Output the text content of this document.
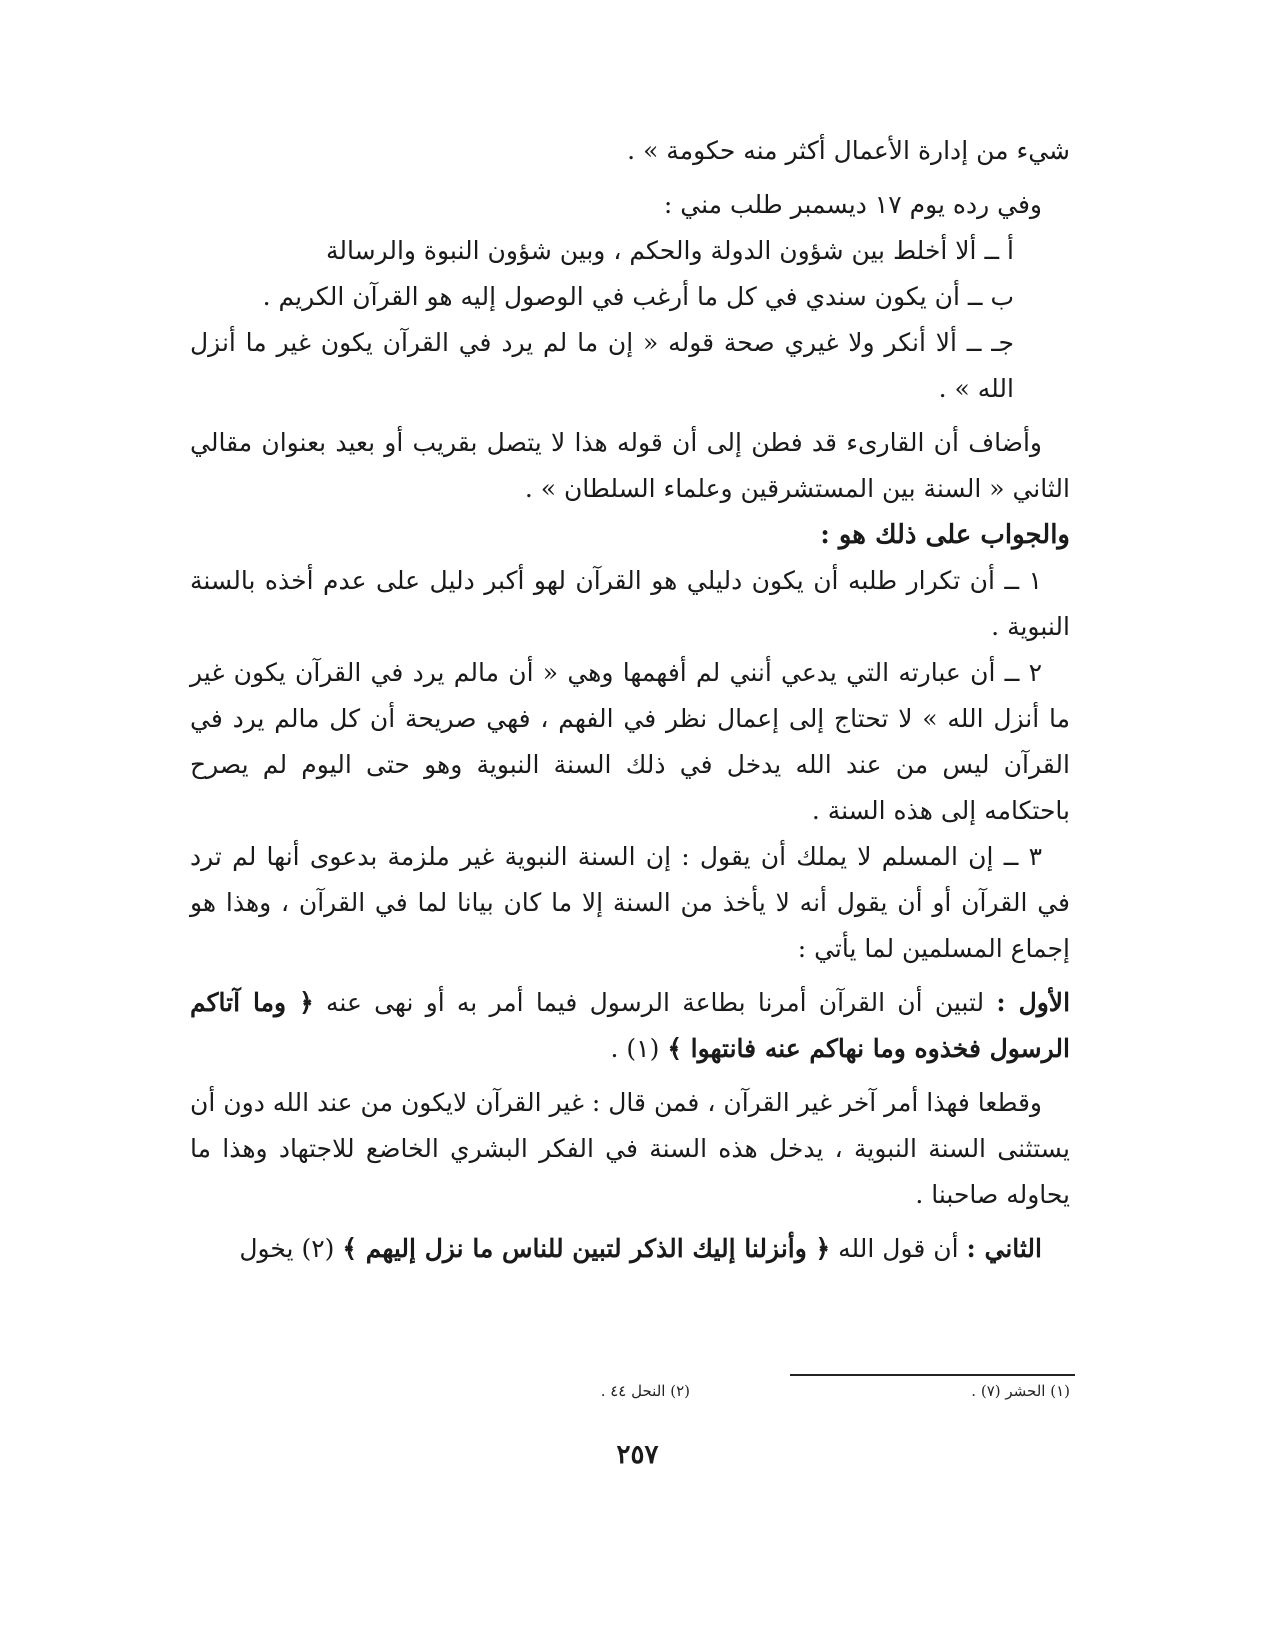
شيء من إدارة الأعمال أكثر منه حكومة » .

وفي رده يوم ١٧ ديسمبر طلب مني :

أ ــ ألا أخلط بين شؤون الدولة والحكم ، وبين شؤون النبوة والرسالة

ب ــ أن يكون سندي في كل ما أرغب في الوصول إليه هو القرآن الكريم .

جـ ــ ألا أنكر ولا غيري صحة قوله « إن ما لم يرد في القرآن يكون غير ما أنزل الله » .

وأضاف أن القارىء قد فطن إلى أن قوله هذا لا يتصل بقريب أو بعيد بعنوان مقالي الثاني « السنة بين المستشرقين وعلماء السلطان » .

والجواب على ذلك هو :

١ ــ أن تكرار طلبه أن يكون دليلي هو القرآن لهو أكبر دليل على عدم أخذه بالسنة النبوية .

٢ ــ أن عبارته التي يدعي أنني لم أفهمها وهي « أن مالم يرد في القرآن يكون غير ما أنزل الله » لا تحتاج إلى إعمال نظر في الفهم ، فهي صريحة أن كل مالم يرد في القرآن ليس من عند الله يدخل في ذلك السنة النبوية وهو حتى اليوم لم يصرح باحتكامه إلى هذه السنة .

٣ ــ إن المسلم لا يملك أن يقول : إن السنة النبوية غير ملزمة بدعوى أنها لم ترد في القرآن أو أن يقول أنه لا يأخذ من السنة إلا ما كان بيانا لما في القرآن ، وهذا هو إجماع المسلمين لما يأتي :

الأول : لتبين أن القرآن أمرنا بطاعة الرسول فيما أمر به أو نهى عنه ﴿ وما آتاكم الرسول فخذوه وما نهاكم عنه فانتهوا ﴾ (١) .

وقطعا فهذا أمر آخر غير القرآن ، فمن قال : غير القرآن لايكون من عند الله دون أن يستثنى السنة النبوية ، يدخل هذه السنة في الفكر البشري الخاضع للاجتهاد وهذا ما يحاوله صاحبنا .

الثاني : أن قول الله ﴿ وأنزلنا إليك الذكر لتبين للناس ما نزل إليهم ﴾ (٢) يخول

(١) الحشر (٧) .
(٢) النحل ٤٤ .
٢٥٧
